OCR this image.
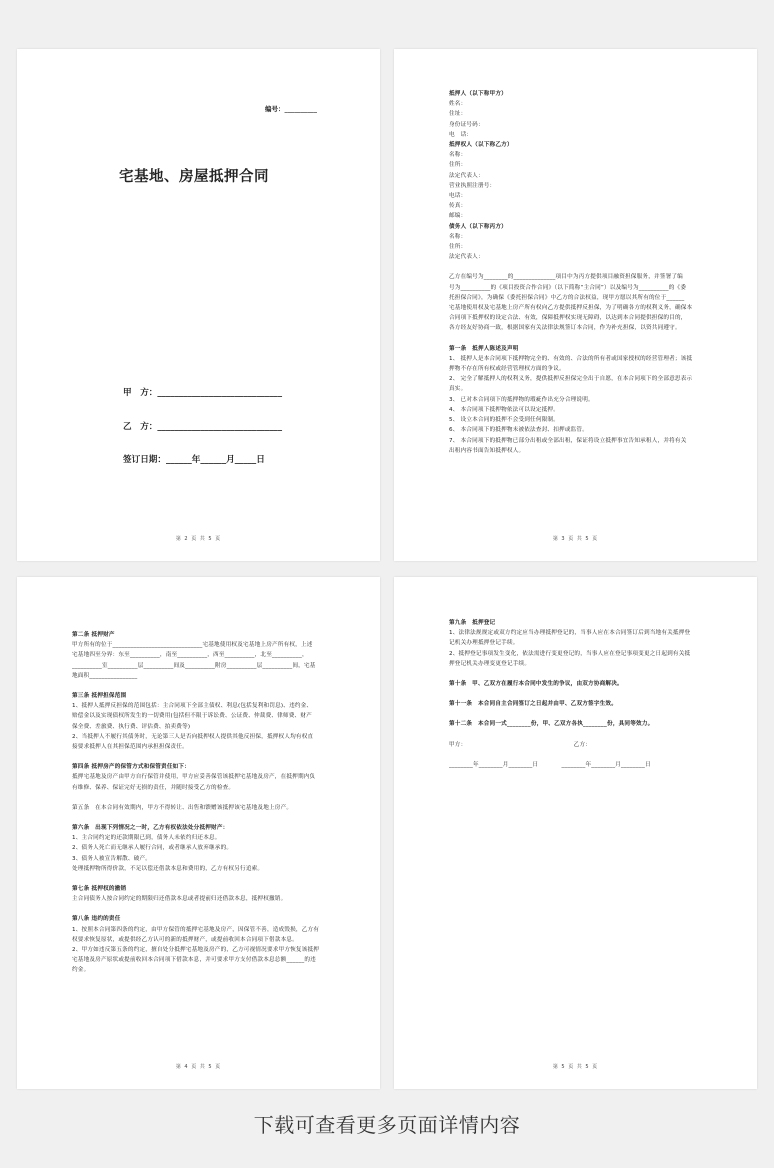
编号：__________
宅基地、房屋抵押合同
甲　方：_____________________________
乙　方：_____________________________
签订日期：______年______月_____日
第 2 页 共 5 页
抵押人（以下称甲方）
姓名：
住址：
身份证号码：
电　话：
抵押权人（以下称乙方）
名称：
住所：
法定代表人：
营业执照注册号：
电话：
传真：
邮编：
债务人（以下称丙方）
名称：
住所：
法定代表人：
乙方在编号为________的______________项目中为丙方提供项目融资担保服务，并签署了编
号为__________的《项目投资合作合同》（以下简称“主合同”）以及编号为__________的《委
托担保合同》，为确保《委托担保合同》中乙方的合法权益，现甲方愿以其所有的位于______
宅基地使用权及宅基地上房产所有权向乙方提供抵押反担保，为了明确各方的权利义务，确保本
合同项下抵押权的设定合法、有效，保障抵押权实现无障碍，以达到本合同提供担保的目的，
各方经友好协商一致，根据国家有关法律法规签订本合同，作为补充担保，以资共同遵守。
第一条　抵押人陈述及声明
1、 抵押人是本合同项下抵押物完全的、有效的、合法的所有者或国家授权的经营管理者；该抵
押物不存在所有权或经营管理权方面的争议。
2、 完全了解抵押人的权利义务，提供抵押反担保完全出于自愿，在本合同项下的全部意思表示
真实。
3、 已对本合同项下的抵押物的瑕疵作出充分合理说明。
4、 本合同项下抵押物依法可以设定抵押。
5、 设立本合同的抵押不会受到任何限制。
6、 本合同项下的抵押物未被依法查封、扣押或监管。
7、 本合同项下的抵押物已部分出租或全部出租，保证将设立抵押事宜告知承租人，并将有关
出租内容书面告知抵押权人。
第 3 页 共 5 页
第二条 抵押财产
甲方所有的位于______________________________宅基地使用权及宅基地上房产所有权，上述
宅基地四至分界：东至__________，南至__________，西至__________，北至__________，
__________室__________层__________间及__________附房__________层__________间，宅基
地面积________________
第三条 抵押担保范围
1、抵押人抵押反担保的范围包括：主合同项下全部主债权、利息(包括复利和罚息)、违约金、
赔偿金以及实现债权所发生的一切费用(包括但不限于诉讼费、公证费、仲裁费、律师费、财产
保全费、差旅费、执行费、评估费、拍卖费等)
2、当抵押人不履行其债务时，无论第三人是否向抵押权人提供其他反担保，抵押权人均有权直
接要求抵押人在其担保范围内承担担保责任。
第四条 抵押房产的保管方式和保管责任如下：
抵押宅基地及房产由甲方自行保管并使用，甲方应妥善保管该抵押宅基地及房产，在抵押期内负
有维修、保养、保证完好无损的责任，并随时接受乙方的检查。
第五条　在本合同有效期内，甲方不得转让、出售和馈赠该抵押该宅基地及地上房产。
第六条　出现下列情况之一时，乙方有权依法处分抵押财产：
1、主合同约定的还款期限已到，债务人未依约归还本息。
2、债务人死亡而无继承人履行合同，或者继承人放弃继承的。
3、债务人被宣告解散、破产。
处理抵押物所得价款，不足以偿还借款本息和费用的，乙方有权另行追索。
第七条 抵押权的撤销
主合同债务人按合同约定的期限归还借款本息或者提前归还借款本息，抵押权撤销。
第八条 违约的责任
1、按照本合同第四条的约定，由甲方保管的抵押宅基地及房产，因保管不善，造成毁损，乙方有
权要求恢复原状，或提供经乙方认可的新的抵押财产，或提前收回本合同项下借款本息。
2、甲方如违反第五条的约定，擅自处分抵押宅基地及房产的，乙方可视情况要求甲方恢复该抵押
宅基地及房产原状或提前收回本合同项下借款本息，并可要求甲方支付借款本息总额______的违
约金。
第 4 页 共 5 页
第九条　抵押登记
1、法律法规规定或双方约定应当办理抵押登记的，当事人应在本合同签订后到当地有关抵押登
记机关办理抵押登记手续。
2、抵押登记事项发生变化，依法需进行变更登记的，当事人应在登记事项变更之日起到有关抵
押登记机关办理变更登记手续。
第十条　甲、乙双方在履行本合同中发生的争议，由双方协商解决。
第十一条　本合同自主合同签订之日起并由甲、乙双方签字生效。
第十二条　本合同一式________份，甲、乙双方各执________份，具同等效力。
甲方：　　　　　　　　　　　　　　　　　　　乙方：
________年________月________日　　　　________年________月________日
第 5 页 共 5 页
下载可查看更多页面详情内容
